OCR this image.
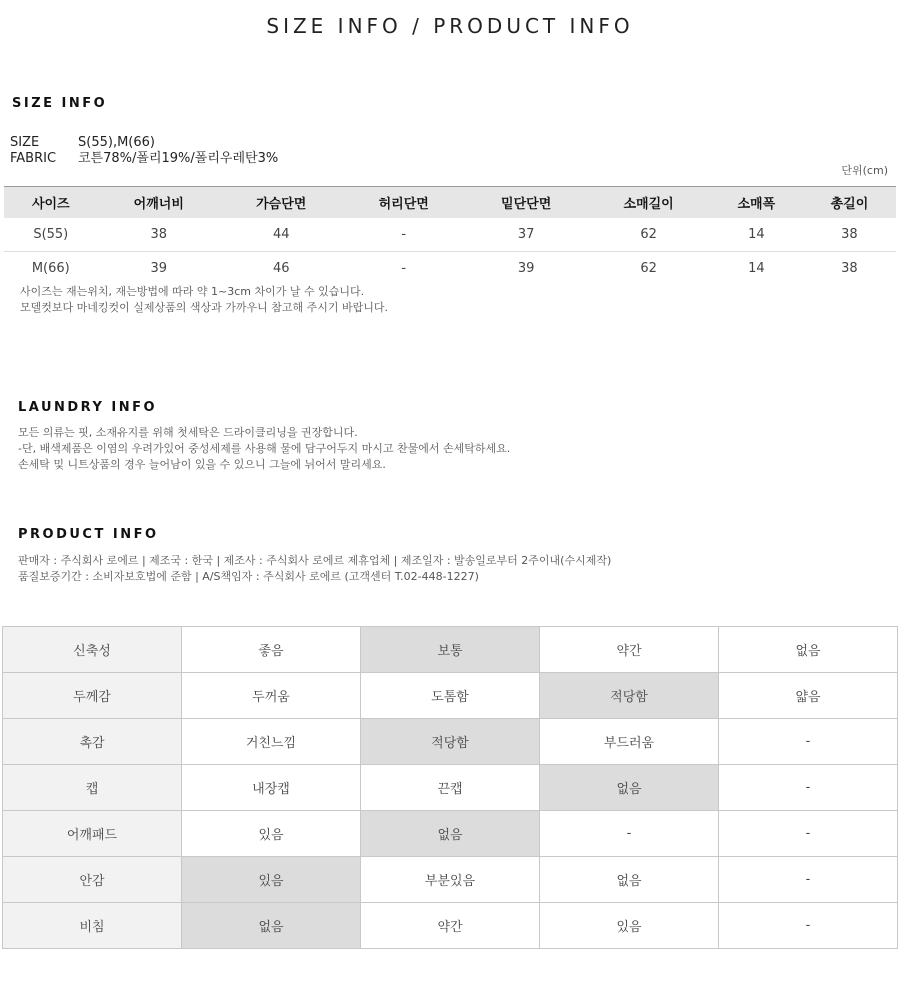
SIZE INFO / PRODUCT INFO
SIZE INFO
SIZE	S(55),M(66)
FABRIC 코튼78%/폴리19%/폴리우레탄3%
단위(cm)
사이즈	어깨너비	가슴단면	허리단면	밑단단면	소매길이	소매폭	총길이
S(55)	38	44	-	37	62	14	38
M(66)	39	46	-	39	62	14	38
사이즈는 재는위치, 재는방법에 따라 약 1~3cm 차이가 날 수 있습니다.
모델컷보다 마네킹컷이 실제상품의 색상과 가까우니 참고해 주시기 바랍니다.
LAUNDRY INFO
모든 의류는 핏, 소재유지를 위해 첫세탁은 드라이클리닝을 권장합니다.
-단, 배색제품은 이염의 우려가있어 중성세제를 사용해 물에 담구어두지 마시고 찬물에서 손세탁하세요.
손세탁 및 니트상품의 경우 늘어남이 있을 수 있으니 그늘에 뉘어서 말리세요.
PRODUCT INFO
판매자 : 주식회사 로에르 | 제조국 : 한국 | 제조사 : 주식회사 로에르 제휴업체 | 제조일자 : 발송일로부터 2주이내(수시제작)
품질보증기간 : 소비자보호법에 준함 | A/S책임자 : 주식회사 로에르 (고객센터 T.02-448-1227)
신축성	좋음	보통	약간	없음
두께감	두꺼움	도톰함	적당함	얇음
촉감	거친느낌	적당함	부드러움	-
캡	내장캡	끈캡	없음	-
어깨패드	있음	없음	-	-
안감	있음	부분있음	없음	-
비침	없음	약간	있음	-
